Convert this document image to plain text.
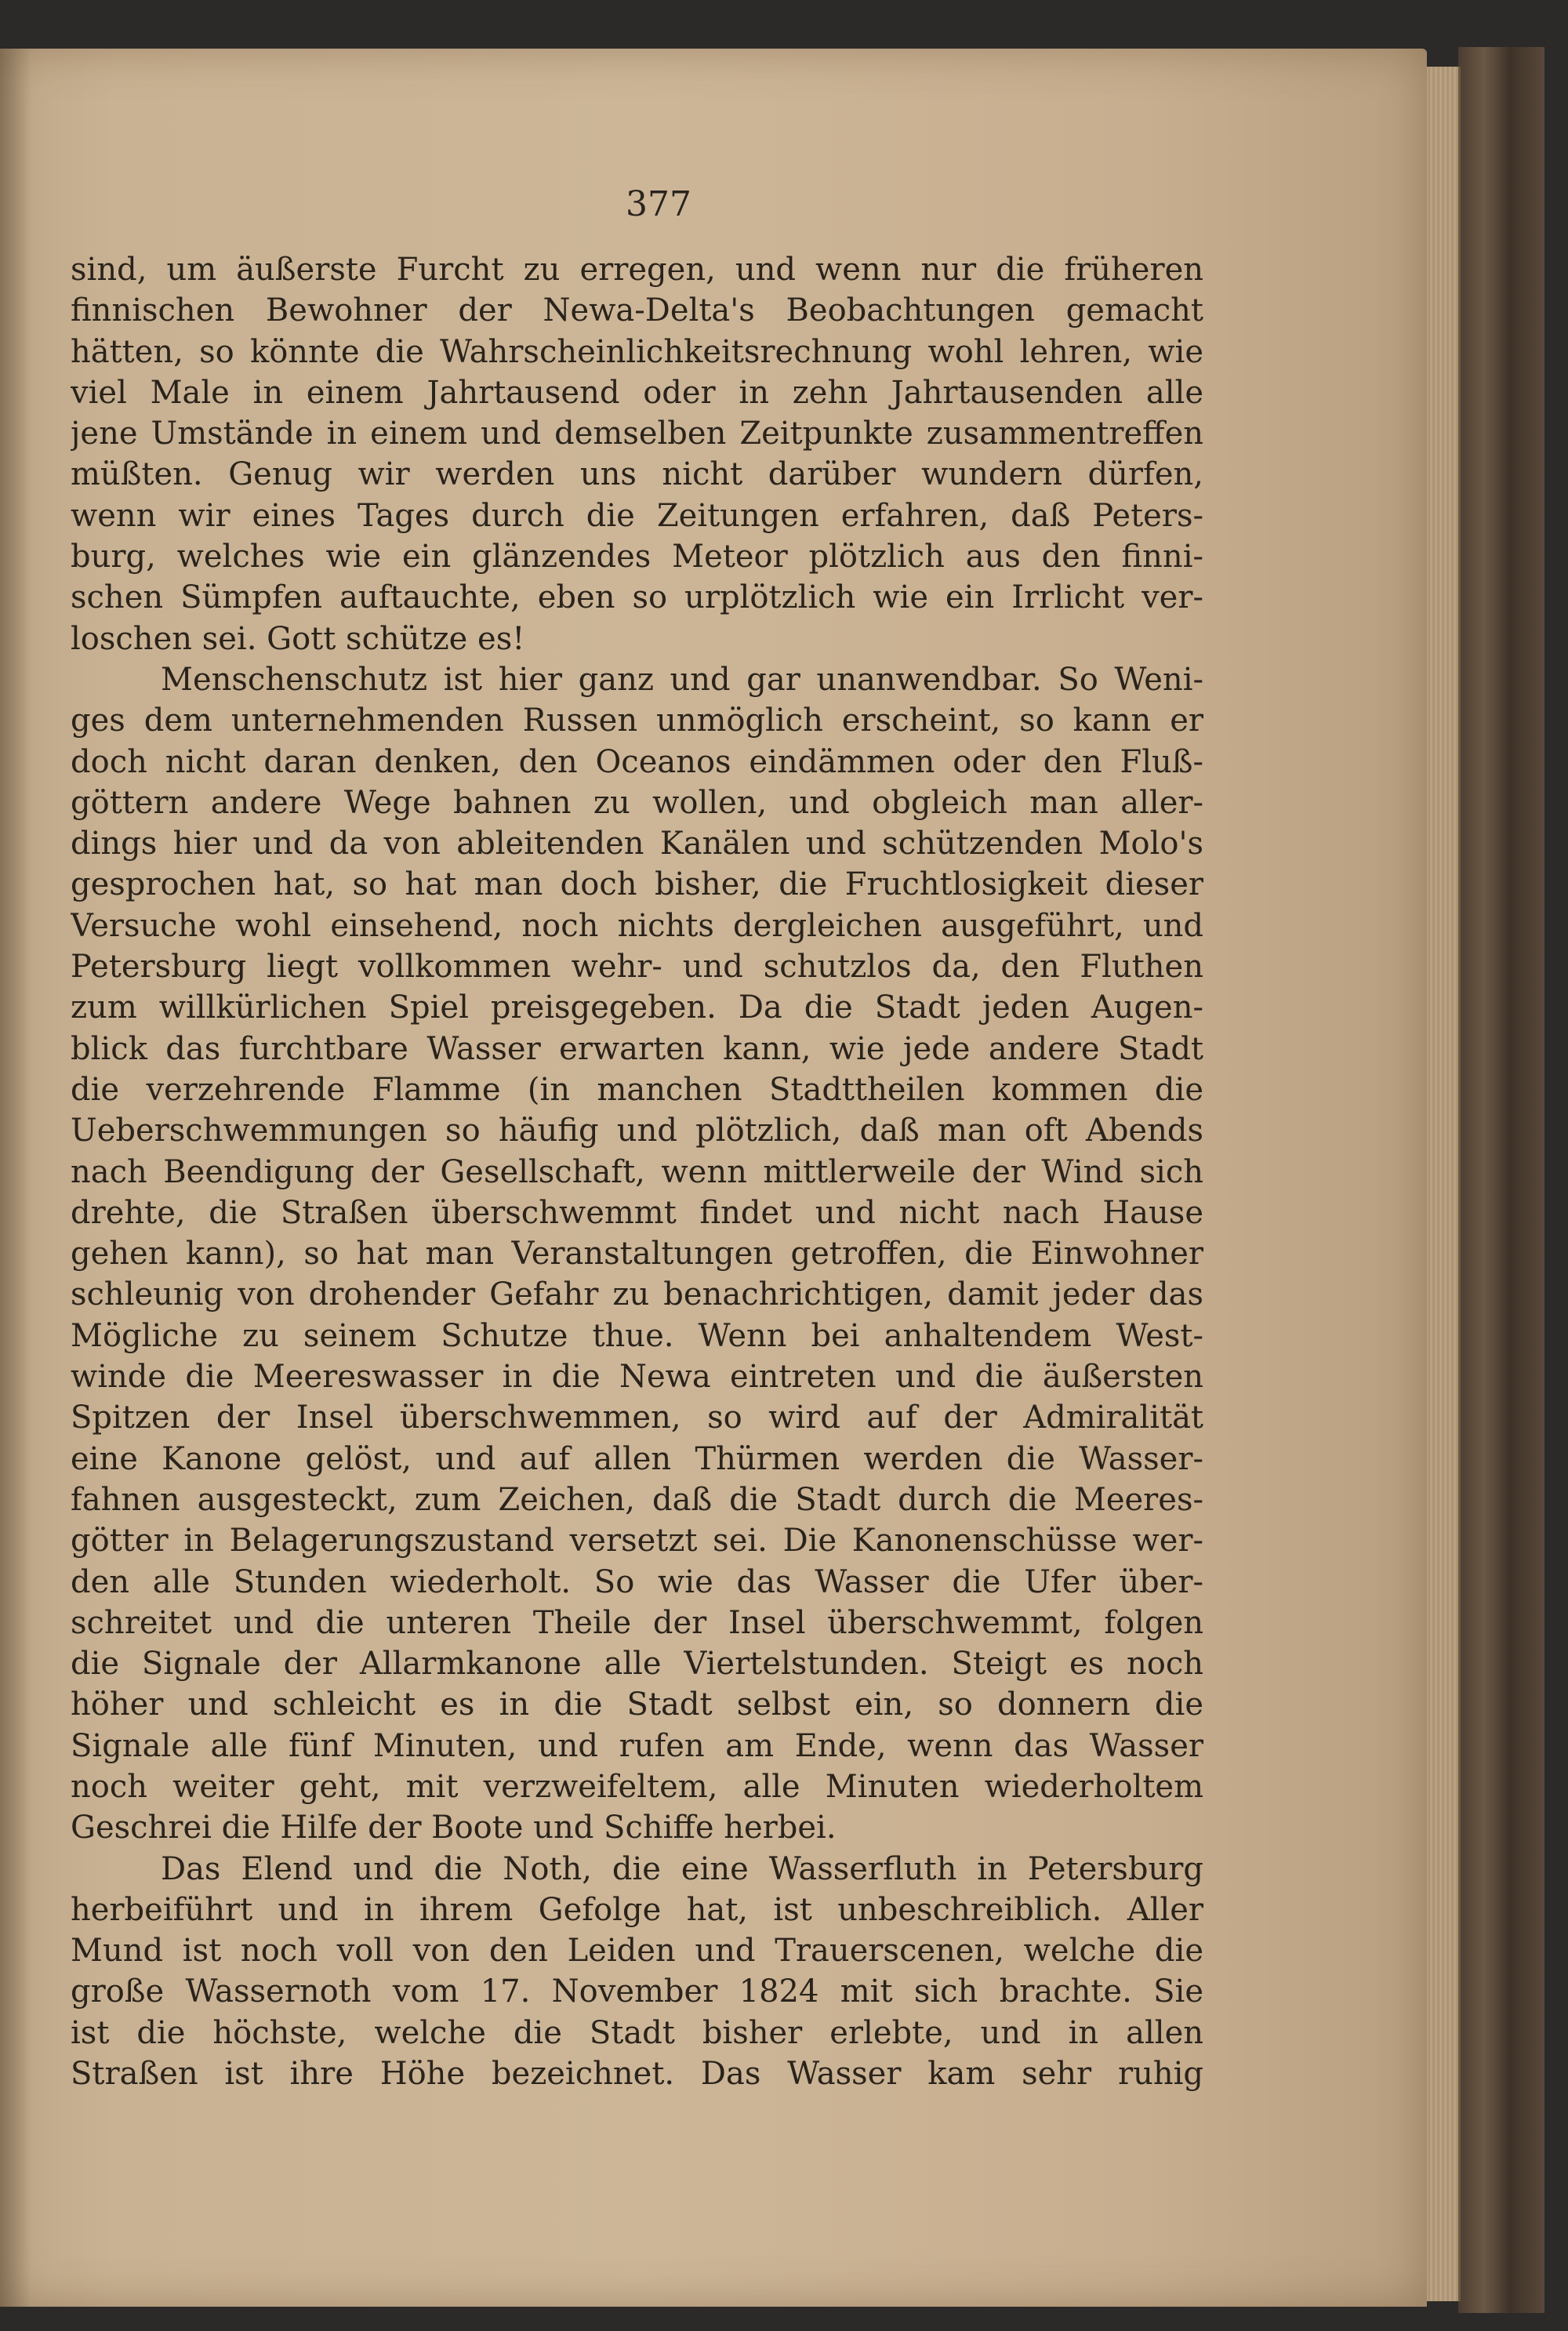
377
sind, um äußerste Furcht zu erregen, und wenn nur die früheren
finnischen Bewohner der Newa-Delta's Beobachtungen gemacht
hätten, so könnte die Wahrscheinlichkeitsrechnung wohl lehren, wie
viel Male in einem Jahrtausend oder in zehn Jahrtausenden alle
jene Umstände in einem und demselben Zeitpunkte zusammentreffen
müßten. Genug wir werden uns nicht darüber wundern dürfen,
wenn wir eines Tages durch die Zeitungen erfahren, daß Peters-
burg, welches wie ein glänzendes Meteor plötzlich aus den finni-
schen Sümpfen auftauchte, eben so urplötzlich wie ein Irrlicht ver-
loschen sei. Gott schütze es!
Menschenschutz ist hier ganz und gar unanwendbar. So Weni-
ges dem unternehmenden Russen unmöglich erscheint, so kann er
doch nicht daran denken, den Oceanos eindämmen oder den Fluß-
göttern andere Wege bahnen zu wollen, und obgleich man aller-
dings hier und da von ableitenden Kanälen und schützenden Molo's
gesprochen hat, so hat man doch bisher, die Fruchtlosigkeit dieser
Versuche wohl einsehend, noch nichts dergleichen ausgeführt, und
Petersburg liegt vollkommen wehr- und schutzlos da, den Fluthen
zum willkürlichen Spiel preisgegeben. Da die Stadt jeden Augen-
blick das furchtbare Wasser erwarten kann, wie jede andere Stadt
die verzehrende Flamme (in manchen Stadttheilen kommen die
Ueberschwemmungen so häufig und plötzlich, daß man oft Abends
nach Beendigung der Gesellschaft, wenn mittlerweile der Wind sich
drehte, die Straßen überschwemmt findet und nicht nach Hause
gehen kann), so hat man Veranstaltungen getroffen, die Einwohner
schleunig von drohender Gefahr zu benachrichtigen, damit jeder das
Mögliche zu seinem Schutze thue. Wenn bei anhaltendem West-
winde die Meereswasser in die Newa eintreten und die äußersten
Spitzen der Insel überschwemmen, so wird auf der Admiralität
eine Kanone gelöst, und auf allen Thürmen werden die Wasser-
fahnen ausgesteckt, zum Zeichen, daß die Stadt durch die Meeres-
götter in Belagerungszustand versetzt sei. Die Kanonenschüsse wer-
den alle Stunden wiederholt. So wie das Wasser die Ufer über-
schreitet und die unteren Theile der Insel überschwemmt, folgen
die Signale der Allarmkanone alle Viertelstunden. Steigt es noch
höher und schleicht es in die Stadt selbst ein, so donnern die
Signale alle fünf Minuten, und rufen am Ende, wenn das Wasser
noch weiter geht, mit verzweifeltem, alle Minuten wiederholtem
Geschrei die Hilfe der Boote und Schiffe herbei.
Das Elend und die Noth, die eine Wasserfluth in Petersburg
herbeiführt und in ihrem Gefolge hat, ist unbeschreiblich. Aller
Mund ist noch voll von den Leiden und Trauerscenen, welche die
große Wassernoth vom 17. November 1824 mit sich brachte. Sie
ist die höchste, welche die Stadt bisher erlebte, und in allen
Straßen ist ihre Höhe bezeichnet. Das Wasser kam sehr ruhig
